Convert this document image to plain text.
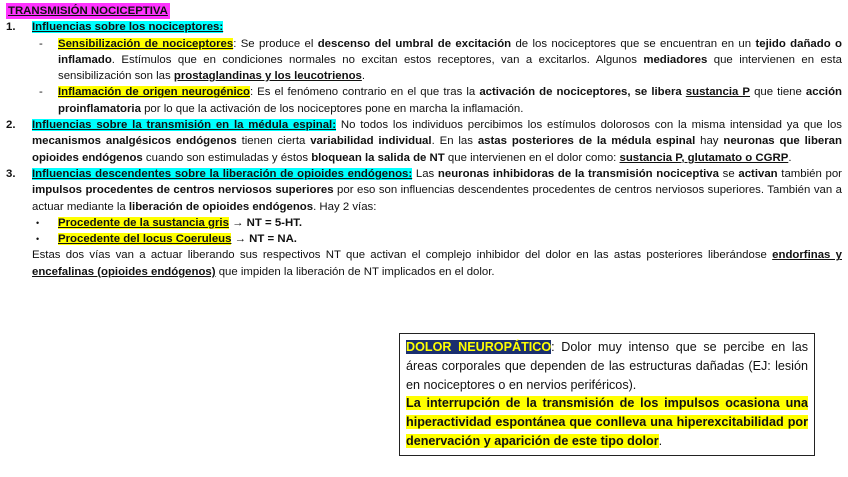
TRANSMISIÓN NOCICEPTIVA
1.	Influencias sobre los nociceptores:
- Sensibilización de nociceptores: Se produce el descenso del umbral de excitación de los nociceptores que se encuentran en un tejido dañado o inflamado. Estímulos que en condiciones normales no excitan estos receptores, van a excitarlos. Algunos mediadores que intervienen en esta sensibilización son las prostaglandinas y los leucotrienos.
- Inflamación de origen neurogénico: Es el fenómeno contrario en el que tras la activación de nociceptores, se libera sustancia P que tiene acción proinflamatoria por lo que la activación de los nociceptores pone en marcha la inflamación.
2.	Influencias sobre la transmisión en la médula espinal: No todos los individuos percibimos los estímulos dolorosos con la misma intensidad ya que los mecanismos analgésicos endógenos tienen cierta variabilidad individual. En las astas posteriores de la médula espinal hay neuronas que liberan opioides endógenos cuando son estimuladas y éstos bloquean la salida de NT que intervienen en el dolor como: sustancia P, glutamato o CGRP.
3.	Influencias descendentes sobre la liberación de opioides endógenos: Las neuronas inhibidoras de la transmisión nociceptiva se activan también por impulsos procedentes de centros nerviosos superiores por eso son influencias descendentes procedentes de centros nerviosos superiores. También van a actuar mediante la liberación de opioides endógenos. Hay 2 vías:
• Procedente de la sustancia gris → NT = 5-HT.
• Procedente del locus Coeruleus → NT = NA.
Estas dos vías van a actuar liberando sus respectivos NT que activan el complejo inhibidor del dolor en las astas posteriores liberándose endorfinas y encefalinas (opioides endógenos) que impiden la liberación de NT implicados en el dolor.
DOLOR NEUROPÁTICO: Dolor muy intenso que se percibe en las áreas corporales que dependen de las estructuras dañadas (EJ: lesión en nociceptores o en nervios periféricos).
La interrupción de la transmisión de los impulsos ocasiona una hiperactividad espontánea que conlleva una hiperexcitabilidad por denervación y aparición de este tipo dolor.
